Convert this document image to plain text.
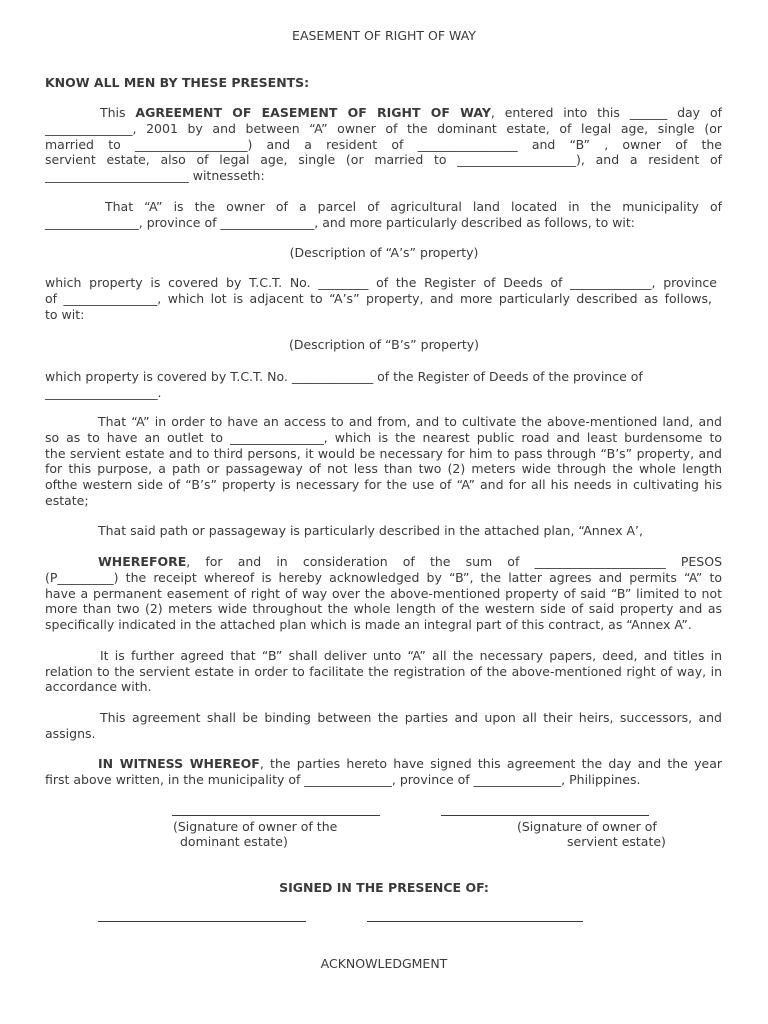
EASEMENT OF RIGHT OF WAY
KNOW ALL MEN BY THESE PRESENTS:
This AGREEMENT OF EASEMENT OF RIGHT OF WAY, entered into this ______ day of
______________, 2001 by and between “A” owner of the dominant estate, of legal age, single (or
married to __________________) and a resident of ________________ and “B” , owner of the
servient estate, also of legal age, single (or married to ___________________), and a resident of
_______________________ witnesseth:
That “A” is the owner of a parcel of agricultural land located in the municipality of
_______________, province of _______________, and more particularly described as follows, to wit:
(Description of “A’s” property)
which property is covered by T.C.T. No. ________ of the Register of Deeds of _____________, province
of _______________, which lot is adjacent to “A’s” property, and more particularly described as follows,
to wit:
(Description of “B’s” property)
which property is covered by T.C.T. No. _____________ of the Register of Deeds of the province of
__________________.
That “A” in order to have an access to and from, and to cultivate the above-mentioned land, and
so as to have an outlet to _______________, which is the nearest public road and least burdensome to
the servient estate and to third persons, it would be necessary for him to pass through “B’s” property, and
for this purpose, a path or passageway of not less than two (2) meters wide through the whole length
ofthe western side of “B’s” property is necessary for the use of “A” and for all his needs in cultivating his
estate;
That said path or passageway is particularly described in the attached plan, “Annex A’,
WHEREFORE, for and in consideration of the sum of _____________________ PESOS
(P_________) the receipt whereof is hereby acknowledged by “B”, the latter agrees and permits “A” to
have a permanent easement of right of way over the above-mentioned property of said “B” limited to not
more than two (2) meters wide throughout the whole length of the western side of said property and as
specifically indicated in the attached plan which is made an integral part of this contract, as “Annex A”.
It is further agreed that “B” shall deliver unto “A” all the necessary papers, deed, and titles in
relation to the servient estate in order to facilitate the registration of the above-mentioned right of way, in
accordance with.
This agreement shall be binding between the parties and upon all their heirs, successors, and
assigns.
IN WITNESS WHEREOF, the parties hereto have signed this agreement the day and the year
first above written, in the municipality of ______________, province of ______________, Philippines.
(Signature of owner of the
dominant estate)
(Signature of owner of
servient estate)
SIGNED IN THE PRESENCE OF:
ACKNOWLEDGMENT
